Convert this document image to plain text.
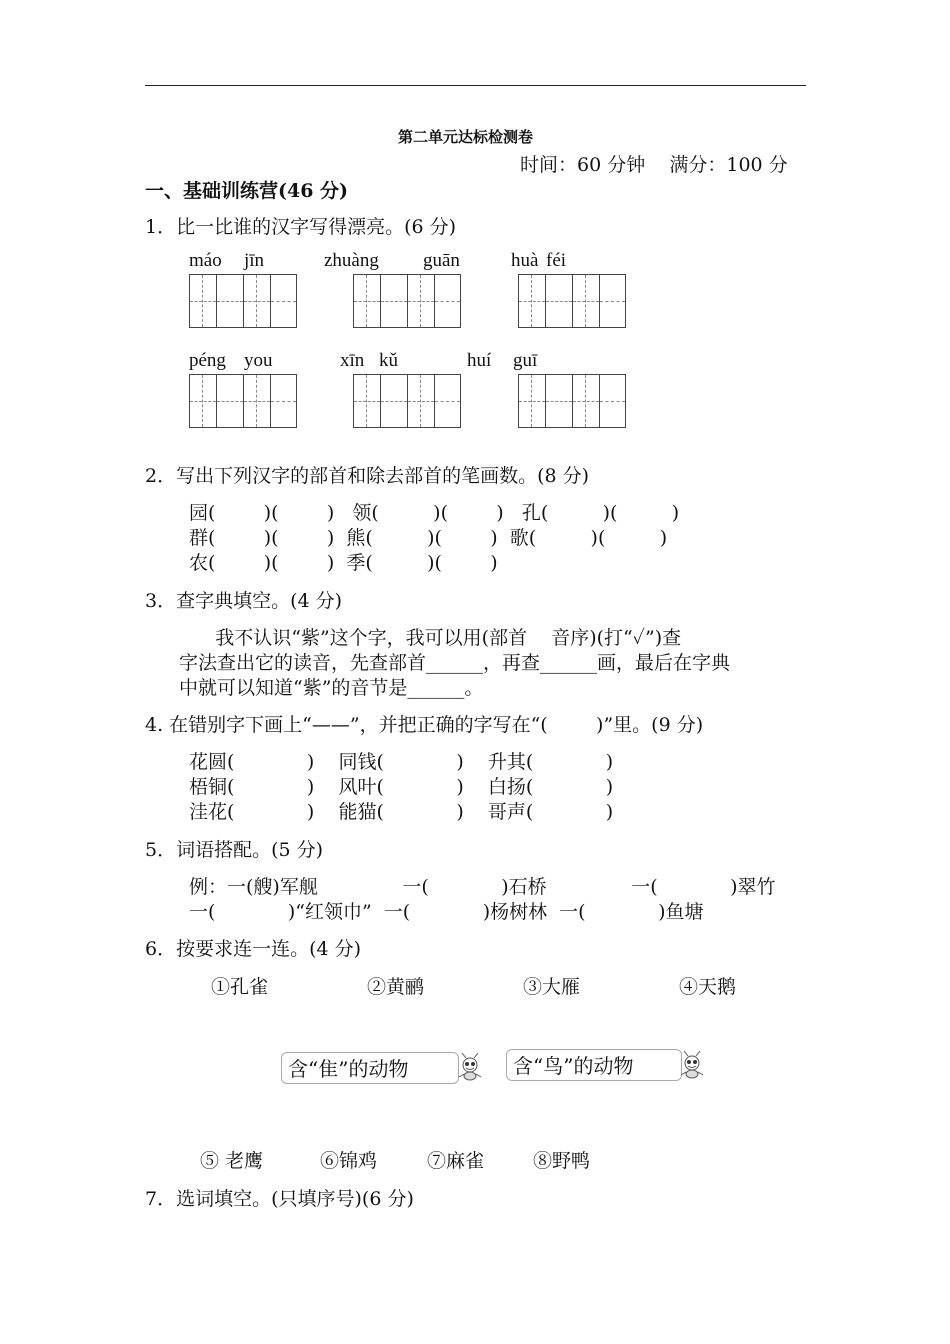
第二单元达标检测卷
时间：60 分钟    满分：100 分
一、基础训练营(46 分)
1．比一比谁的汉字写得漂亮。(6 分)
máo jīn	zhuàng guān	huà féi
péng you	xīn kǔ	huí guī
2．写出下列汉字的部首和除去部首的笔画数。(8 分)
园(        )(        )   领(         )(        )   孔(         )(         )
群(        )(        )  熊(         )(        )  歌(         )(         )
农(        )(        )  季(         )(        )
3．查字典填空。(4 分)
我不认识“紫”这个字，我可以用(部首    音序)(打“✓”)查
字法查出它的读音，先查部首______，再查______画，最后在字典
中就可以知道“紫”的音节是______。
4. 在错别字下画上“——”，并把正确的字写在“(        )”里。(9 分)
花圆(            )    同钱(            )    升其(            )
梧铜(            )    风叶(            )    白扬(            )
洼花(            )    能猫(            )    哥声(            )
5．词语搭配。(5 分)
例：一(艘)军舰              一(            )石桥              一(            )翠竹
一(            )“红领巾”  一(            )杨树林  一(            )鱼塘
6．按要求连一连。(4 分)
①孔雀	②黄鹂	③大雁	④天鹅
含“隹”的动物	含“鸟”的动物
⑤ 老鹰	⑥锦鸡	⑦麻雀	⑧野鸭
7．选词填空。(只填序号)(6 分)
